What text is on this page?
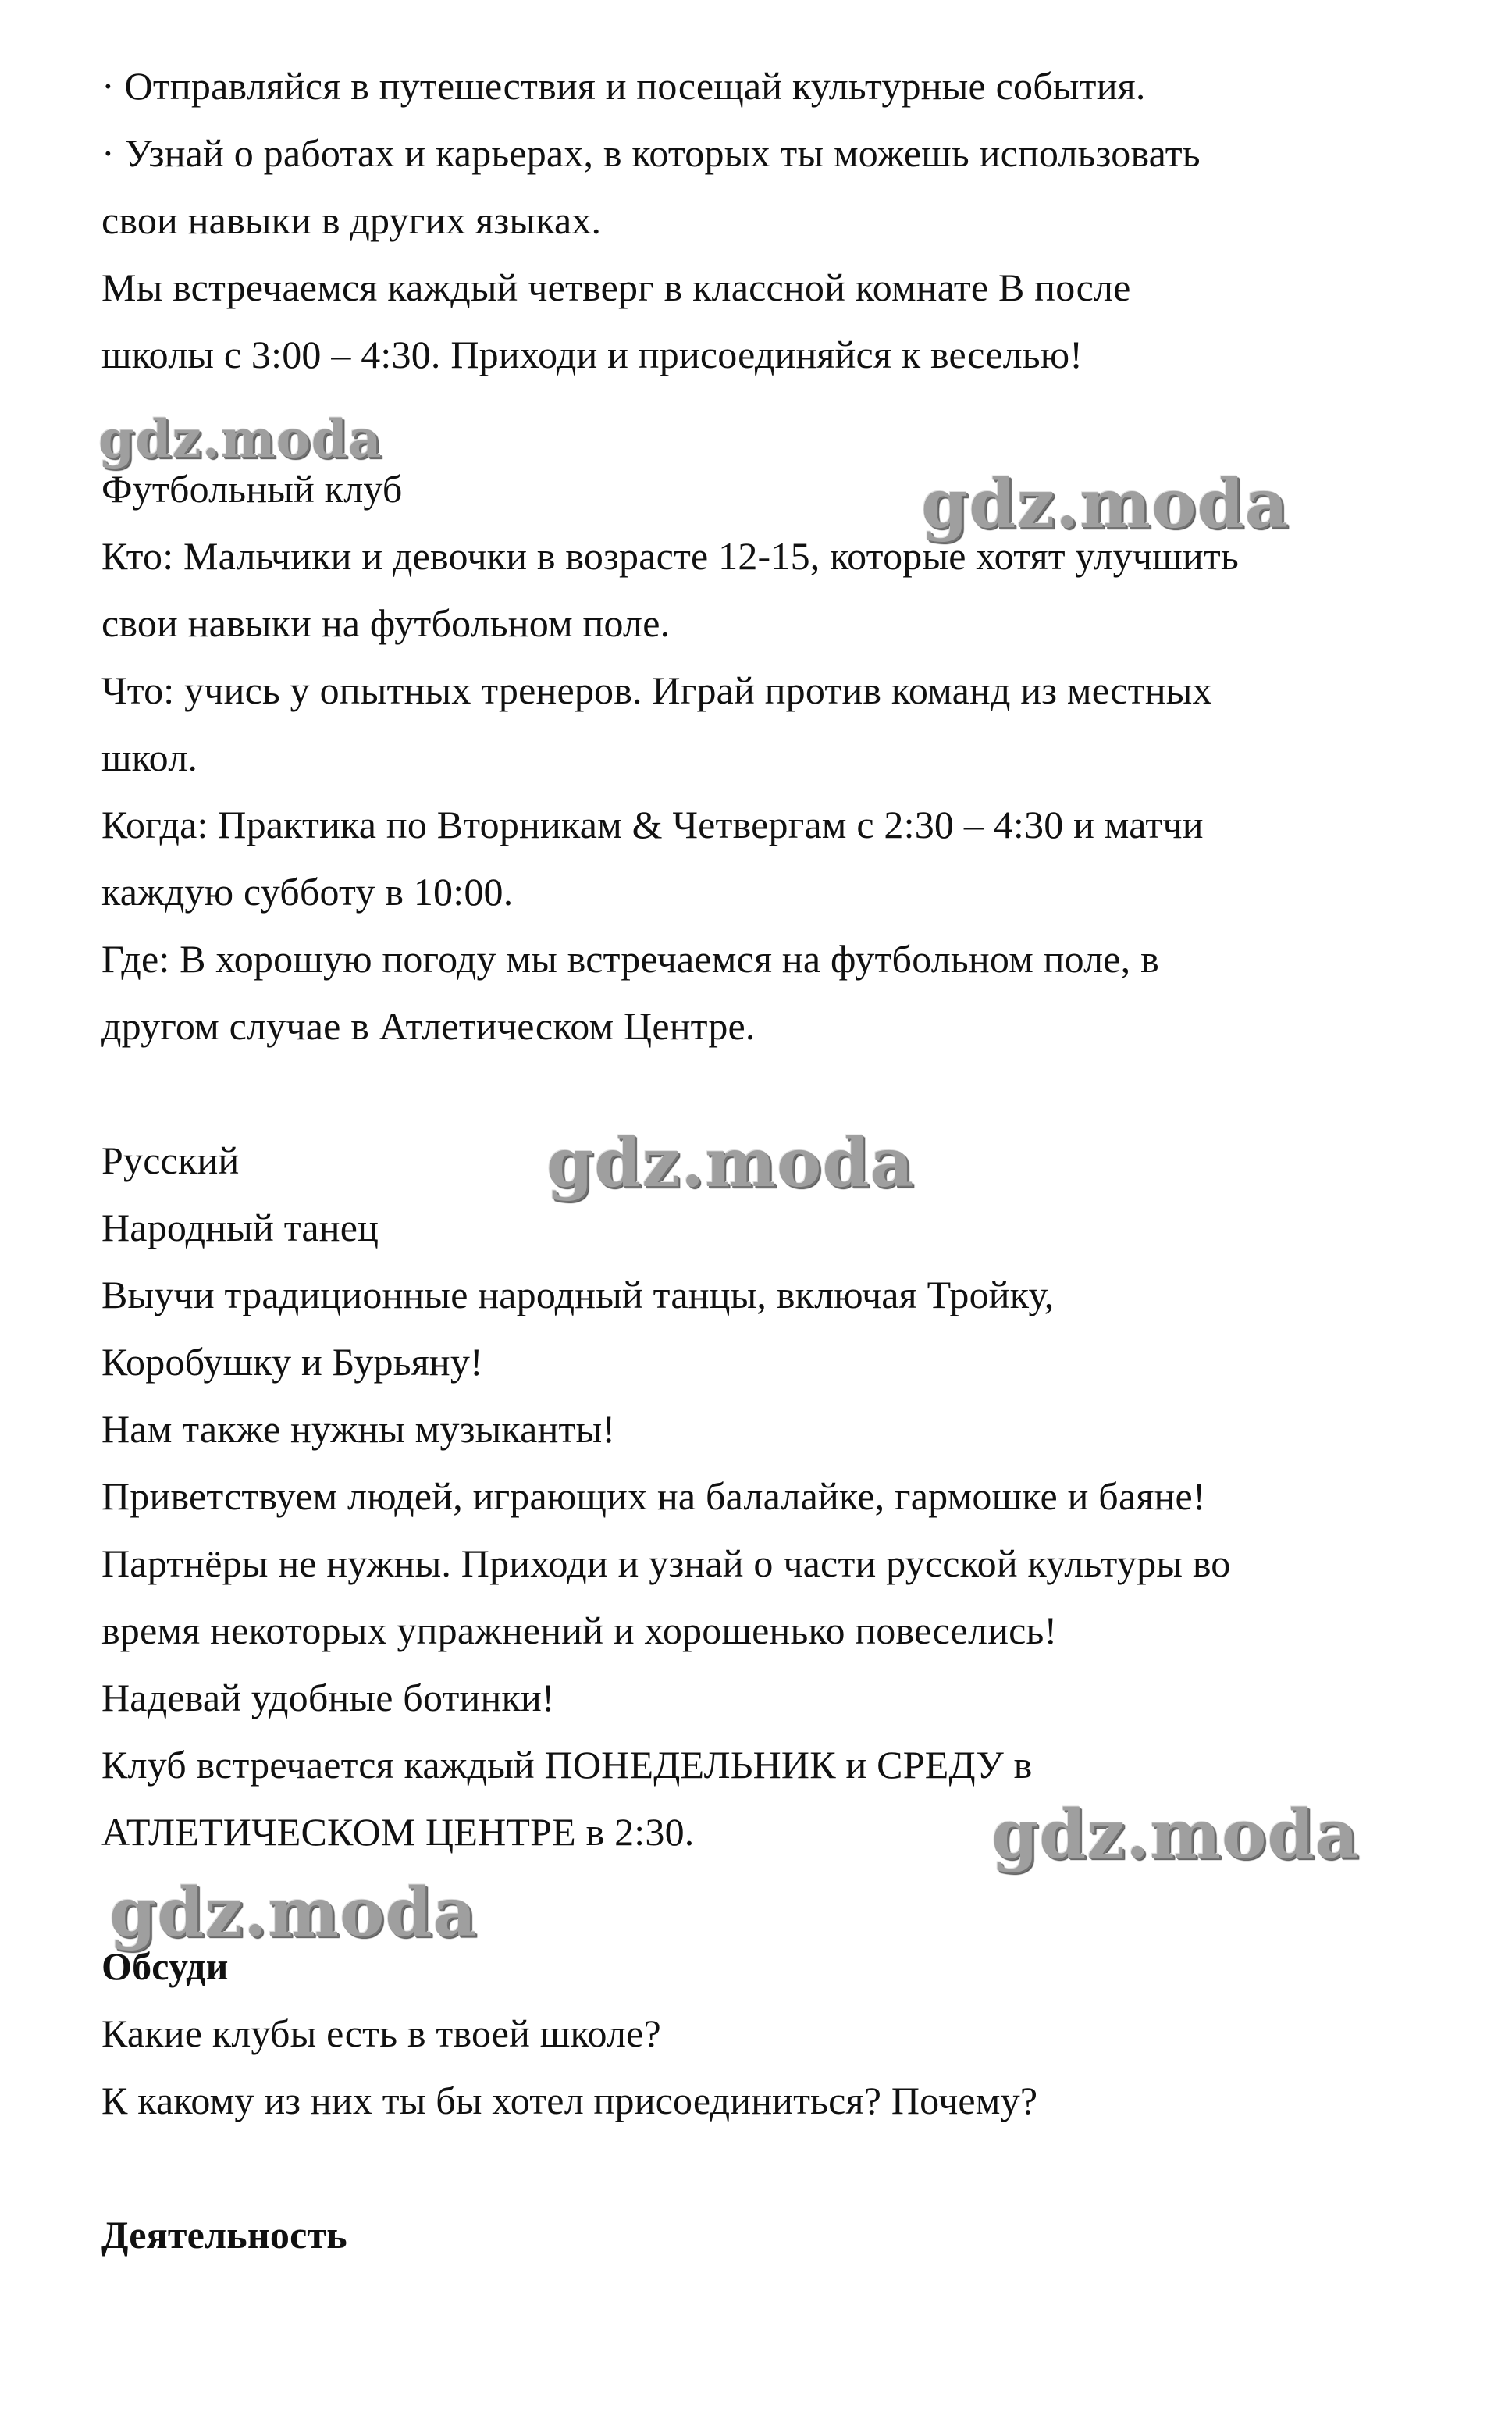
· Отправляйся в путешествия и посещай культурные события.
· Узнай о работах и карьерах, в которых ты можешь использовать
свои навыки в других языках.
Мы встречаемся каждый четверг в классной комнате B после
школы с 3:00 – 4:30. Приходи и присоединяйся к веселью!
Футбольный клуб
Кто: Мальчики и девочки в возрасте 12-15, которые хотят улучшить
свои навыки на футбольном поле.
Что: учись у опытных тренеров. Играй против команд из местных
школ.
Когда: Практика по Вторникам & Четвергам с 2:30 – 4:30 и матчи
каждую субботу в 10:00.
Где: В хорошую погоду мы встречаемся на футбольном поле, в
другом случае в Атлетическом Центре.
Русский
Народный танец
Выучи традиционные народный танцы, включая Тройку,
Коробушку и Бурьяну!
Нам также нужны музыканты!
Приветствуем людей, играющих на балалайке, гармошке и баяне!
Партнёры не нужны. Приходи и узнай о части русской культуры во
время некоторых упражнений и хорошенько повеселись!
Надевай удобные ботинки!
Клуб встречается каждый ПОНЕДЕЛЬНИК и СРЕДУ в
АТЛЕТИЧЕСКОМ ЦЕНТРЕ в 2:30.
Обсуди
Какие клубы есть в твоей школе?
К какому из них ты бы хотел присоединиться? Почему?
Деятельность
gdz.moda
gdz.moda
gdz.moda
gdz.moda
gdz.moda
